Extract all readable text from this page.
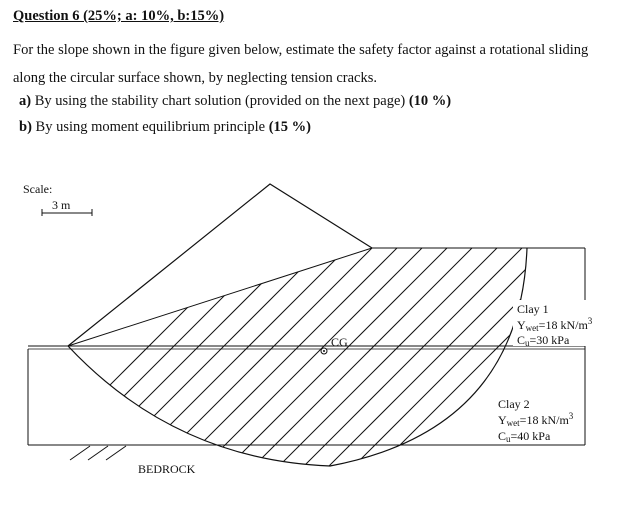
Question 6 (25%; a: 10%, b:15%)
For the slope shown in the figure given below, estimate the safety factor against a rotational sliding along the circular surface shown, by neglecting tension cracks.
a) By using the stability chart solution (provided on the next page) (10 %)
b) By using moment equilibrium principle (15 %)
Scale:
3 m
BEDROCK
CG
Clay 1
Υwet=18 $kN/m^3$
Cu=30 kPa
Clay 2
Υwet=18 $kN/m^3$
Cu=40 kPa
